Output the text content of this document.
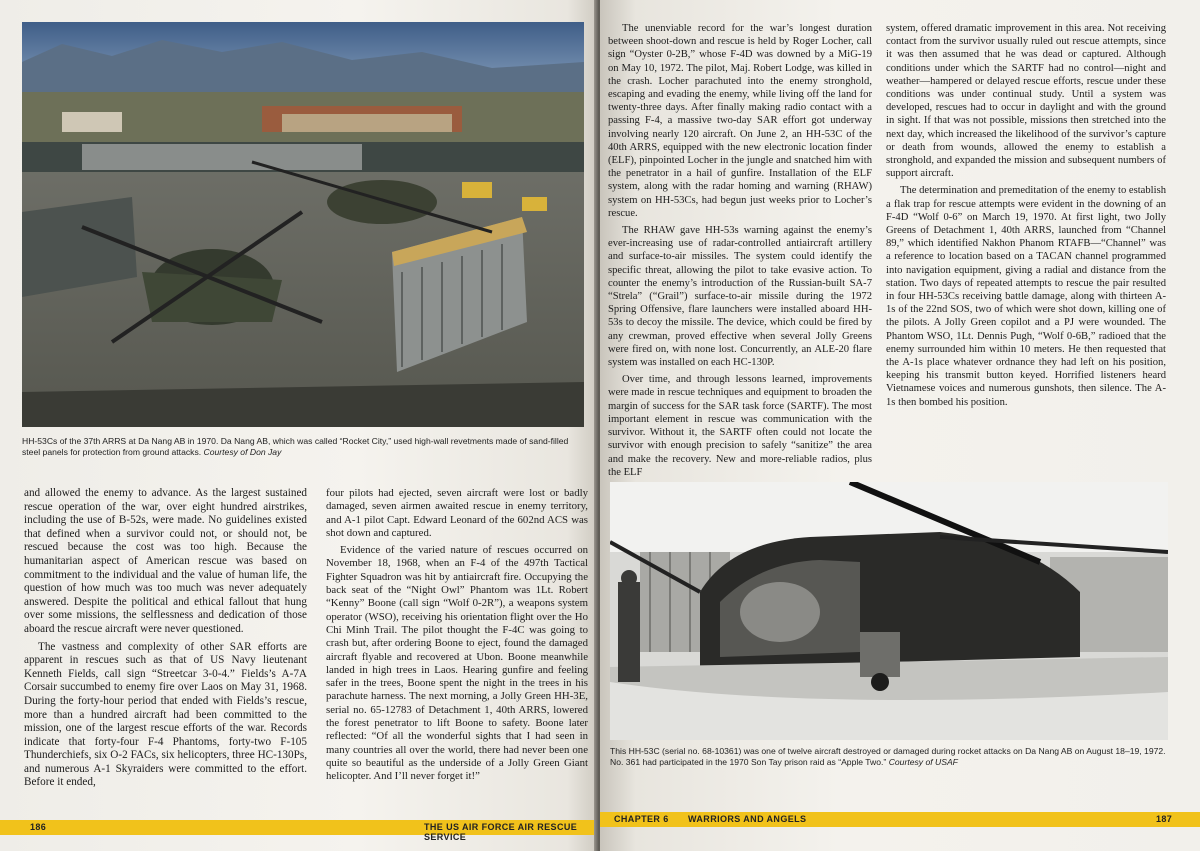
HH-53Cs of the 37th ARRS at Da Nang AB in 1970. Da Nang AB, which was called “Rocket City,” used high-wall revetments made of sand-filled steel panels for protection from ground attacks. Courtesy of Don Jay

and allowed the enemy to advance. As the largest sustained rescue operation of the war, over eight hundred airstrikes, including the use of B-52s, were made. No guidelines existed that defined when a survivor could not, or should not, be rescued because the cost was too high. Because the humanitarian aspect of American rescue was based on commitment to the individual and the value of human life, the question of how much was too much was never adequately answered. Despite the political and ethical fallout that hung over some missions, the selflessness and dedication of those aboard the rescue aircraft were never questioned.

The vastness and complexity of other SAR efforts are apparent in rescues such as that of US Navy lieutenant Kenneth Fields, call sign “Streetcar 3-0-4.” Fields’s A-7A Corsair succumbed to enemy fire over Laos on May 31, 1968. During the forty-hour period that ended with Fields’s rescue, more than a hundred aircraft had been committed to the mission, one of the largest rescue efforts of the war. Records indicate that forty-four F-4 Phantoms, forty-two F-105 Thunderchiefs, six O-2 FACs, six helicopters, three HC-130Ps, and numerous A-1 Skyraiders were committed to the effort. Before it ended,

four pilots had ejected, seven aircraft were lost or badly damaged, seven airmen awaited rescue in enemy territory, and A-1 pilot Capt. Edward Leonard of the 602nd ACS was shot down and captured.

Evidence of the varied nature of rescues occurred on November 18, 1968, when an F-4 of the 497th Tactical Fighter Squadron was hit by antiaircraft fire. Occupying the back seat of the “Night Owl” Phantom was 1Lt. Robert “Kenny” Boone (call sign “Wolf 0-2R”), a weapons system operator (WSO), receiving his orientation flight over the Ho Chi Minh Trail. The pilot thought the F-4C was going to crash but, after ordering Boone to eject, found the damaged aircraft flyable and recovered at Ubon. Boone meanwhile landed in high trees in Laos. Hearing gunfire and feeling safer in the trees, Boone spent the night in the trees in his parachute harness. The next morning, a Jolly Green HH-3E, serial no. 65-12783 of Detachment 1, 40th ARRS, lowered the forest penetrator to lift Boone to safety. Boone later reflected: “Of all the wonderful sights that I had seen in many countries all over the world, there had never been one quite so beautiful as the underside of a Jolly Green Giant helicopter. And I’ll never forget it!”

186	THE US AIR FORCE AIR RESCUE SERVICE

The unenviable record for the war’s longest duration between shoot-down and rescue is held by Roger Locher, call sign “Oyster 0-2B,” whose F-4D was downed by a MiG-19 on May 10, 1972. The pilot, Maj. Robert Lodge, was killed in the crash. Locher parachuted into the enemy stronghold, escaping and evading the enemy, while living off the land for twenty-three days. After finally making radio contact with a passing F-4, a massive two-day SAR effort got underway involving nearly 120 aircraft. On June 2, an HH-53C of the 40th ARRS, equipped with the new electronic location finder (ELF), pinpointed Locher in the jungle and snatched him with the penetrator in a hail of gunfire. Installation of the ELF system, along with the radar homing and warning (RHAW) system on HH-53Cs, had begun just weeks prior to Locher’s rescue.

The RHAW gave HH-53s warning against the enemy’s ever-increasing use of radar-controlled antiaircraft artillery and surface-to-air missiles. The system could identify the specific threat, allowing the pilot to take evasive action. To counter the enemy’s introduction of the Russian-built SA-7 “Strela” (“Grail”) surface-to-air missile during the 1972 Spring Offensive, flare launchers were installed aboard HH-53s to decoy the missile. The device, which could be fired by any crewman, proved effective when several Jolly Greens were fired on, with none lost. Concurrently, an ALE-20 flare system was installed on each HC-130P.

Over time, and through lessons learned, improvements were made in rescue techniques and equipment to broaden the margin of success for the SAR task force (SARTF). The most important element in rescue was communication with the survivor. Without it, the SARTF often could not locate the survivor with enough precision to safely “sanitize” the area and make the recovery. New and more-reliable radios, plus the ELF

system, offered dramatic improvement in this area. Not receiving contact from the survivor usually ruled out rescue attempts, since it was then assumed that he was dead or captured. Although conditions under which the SARTF had no control—night and weather—hampered or delayed rescue efforts, rescue under these conditions was under continual study. Until a system was developed, rescues had to occur in daylight and with the ground in sight. If that was not possible, missions then stretched into the next day, which increased the likelihood of the survivor’s capture or death from wounds, allowed the enemy to establish a stronghold, and expanded the mission and subsequent numbers of support aircraft.

The determination and premeditation of the enemy to establish a flak trap for rescue attempts were evident in the downing of an F-4D “Wolf 0-6” on March 19, 1970. At first light, two Jolly Greens of Detachment 1, 40th ARRS, launched from “Channel 89,” which identified Nakhon Phanom RTAFB—“Channel” was a reference to location based on a TACAN channel programmed into navigation equipment, giving a radial and distance from the station. Two days of repeated attempts to rescue the pair resulted in four HH-53Cs receiving battle damage, along with thirteen A-1s of the 22nd SOS, two of which were shot down, killing one of the pilots. A Jolly Green copilot and a PJ were wounded. The Phantom WSO, 1Lt. Dennis Pugh, “Wolf 0-6B,” radioed that the enemy surrounded him within 10 meters. He then requested that the A-1s place whatever ordnance they had left on his position, keeping his transmit button keyed. Horrified listeners heard Vietnamese voices and numerous gunshots, then silence. The A-1s then bombed his position.

This HH-53C (serial no. 68-10361) was one of twelve aircraft destroyed or damaged during rocket attacks on Da Nang AB on August 18–19, 1972. No. 361 had participated in the 1970 Son Tay prison raid as “Apple Two.” Courtesy of USAF
CHAPTER 6 WARRIORS AND ANGELS	187
